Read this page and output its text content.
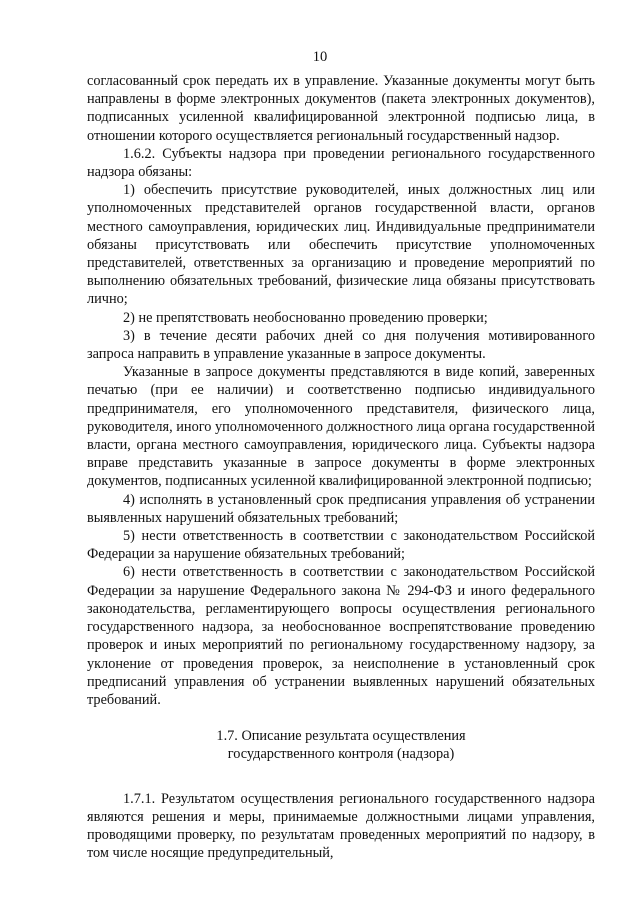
10

согласованный срок передать их в управление. Указанные документы могут быть направлены в форме электронных документов (пакета электронных документов), подписанных усиленной квалифицированной электронной подписью лица, в отношении которого осуществляется региональный государственный надзор.

1.6.2. Субъекты надзора при проведении регионального государственного надзора обязаны:

1) обеспечить присутствие руководителей, иных должностных лиц или уполномоченных представителей органов государственной власти, органов местного самоуправления, юридических лиц. Индивидуальные предприниматели обязаны присутствовать или обеспечить присутствие уполномоченных представителей, ответственных за организацию и проведение мероприятий по выполнению обязательных требований, физические лица обязаны присутствовать лично;

2) не препятствовать необоснованно проведению проверки;

3) в течение десяти рабочих дней со дня получения мотивированного запроса направить в управление указанные в запросе документы.

Указанные в запросе документы представляются в виде копий, заверенных печатью (при ее наличии) и соответственно подписью индивидуального предпринимателя, его уполномоченного представителя, физического лица, руководителя, иного уполномоченного должностного лица органа государственной власти, органа местного самоуправления, юридического лица. Субъекты надзора вправе представить указанные в запросе документы в форме электронных документов, подписанных усиленной квалифицированной электронной подписью;

4) исполнять в установленный срок предписания управления об устранении выявленных нарушений обязательных требований;

5) нести ответственность в соответствии с законодательством Российской Федерации за нарушение обязательных требований;

6) нести ответственность в соответствии с законодательством Российской Федерации за нарушение Федерального закона № 294-ФЗ и иного федерального законодательства, регламентирующего вопросы осуществления регионального государственного надзора, за необоснованное воспрепятствование проведению проверок и иных мероприятий по региональному государственному надзору, за уклонение от проведения проверок, за неисполнение в установленный срок предписаний управления об устранении выявленных нарушений обязательных требований.

1.7. Описание результата осуществления
государственного контроля (надзора)

1.7.1. Результатом осуществления регионального государственного надзора являются решения и меры, принимаемые должностными лицами управления, проводящими проверку, по результатам проведенных мероприятий по надзору, в том числе носящие предупредительный,
